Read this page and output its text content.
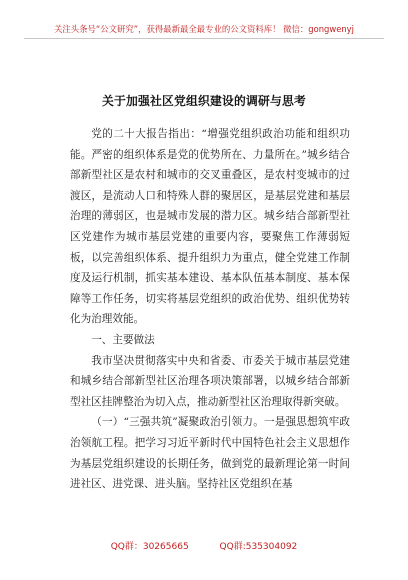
关注头条号“公文研究”，获得最新最全最专业的公文资料库！ 微信：gongwenyj
关于加强社区党组织建设的调研与思考

党的二十大报告指出：“增强党组织政治功能和组织功能。严密的组织体系是党的优势所在、力量所在。”城乡结合部新型社区是农村和城市的交叉重叠区，是农村变城市的过渡区，是流动人口和特殊人群的聚居区，是基层党建和基层治理的薄弱区，也是城市发展的潜力区。城乡结合部新型社区党建作为城市基层党建的重要内容，要聚焦工作薄弱短板，以完善组织体系、提升组织力为重点，健全党建工作制度及运行机制，抓实基本建设、基本队伍基本制度、基本保障等工作任务，切实将基层党组织的政治优势、组织优势转化为治理效能。

一、主要做法

我市坚决贯彻落实中央和省委、市委关于城市基层党建和城乡结合部新型社区治理各项决策部署，以城乡结合部新型社区挂牌整治为切入点，推动新型社区治理取得新突破。

（一）“三强共筑”凝聚政治引领力。一是强思想筑牢政治领航工程。把学习习近平新时代中国特色社会主义思想作为基层党组织建设的长期任务，做到党的最新理论第一时间进社区、进党课、进头脑。坚持社区党组织在基

QQ群：30265665	QQ群:535304092
